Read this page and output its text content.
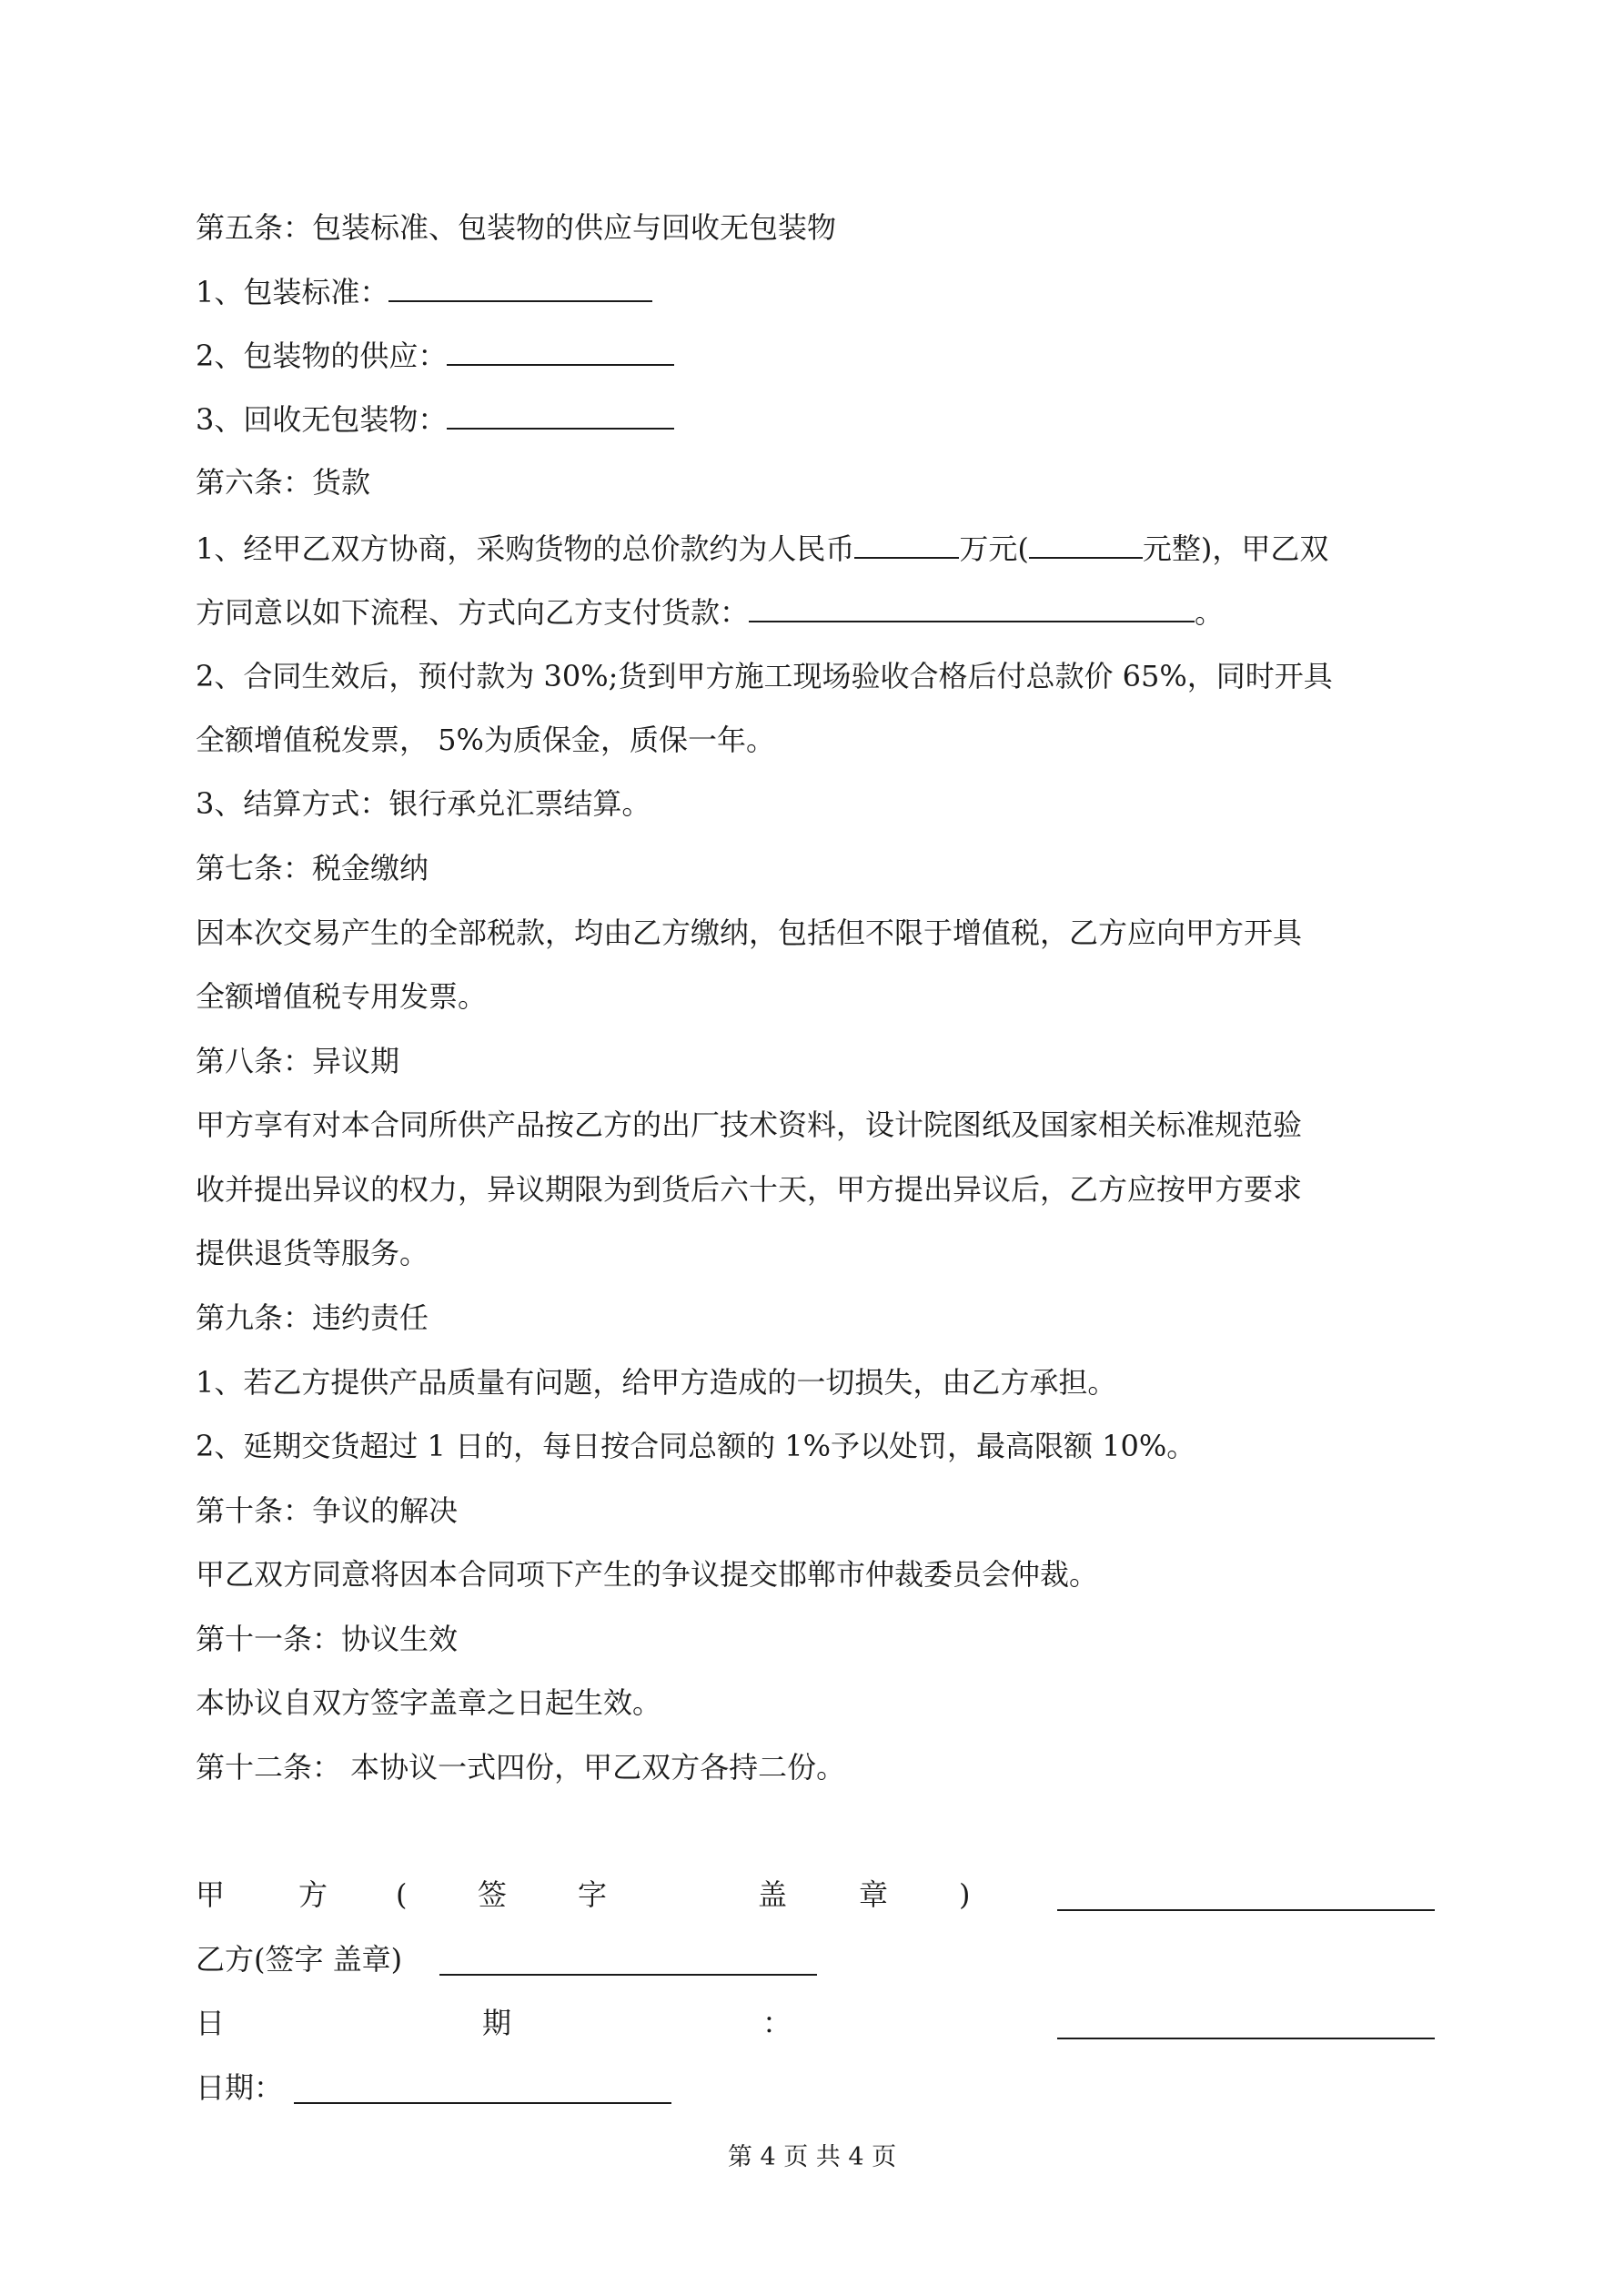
第五条：包装标准、包装物的供应与回收无包装物
1、包装标准：
2、包装物的供应：
3、回收无包装物：
第六条：货款
1、经甲乙双方协商，采购货物的总价款约为人民币	万元(	元整)，甲乙双
方同意以如下流程、方式向乙方支付货款：	。
2、合同生效后，预付款为 30%;货到甲方施工现场验收合格后付总款价 65%，同时开具
全额增值税发票， 5%为质保金，质保一年。
3、结算方式：银行承兑汇票结算。
第七条：税金缴纳
因本次交易产生的全部税款，均由乙方缴纳，包括但不限于增值税，乙方应向甲方开具
全额增值税专用发票。
第八条：异议期
甲方享有对本合同所供产品按乙方的出厂技术资料，设计院图纸及国家相关标准规范验
收并提出异议的权力，异议期限为到货后六十天，甲方提出异议后，乙方应按甲方要求
提供退货等服务。
第九条：违约责任
1、若乙方提供产品质量有问题，给甲方造成的一切损失，由乙方承担。
2、延期交货超过 1 日的，每日按合同总额的 1%予以处罚，最高限额 10%。
第十条：争议的解决
甲乙双方同意将因本合同项下产生的争议提交邯郸市仲裁委员会仲裁。
第十一条：协议生效
本协议自双方签字盖章之日起生效。
第十二条： 本协议一式四份，甲乙双方各持二份。
甲	方 ( 签 字	盖 章 )
乙方(签字 盖章)
日	期	：
日期：
第 4 页 共 4 页
